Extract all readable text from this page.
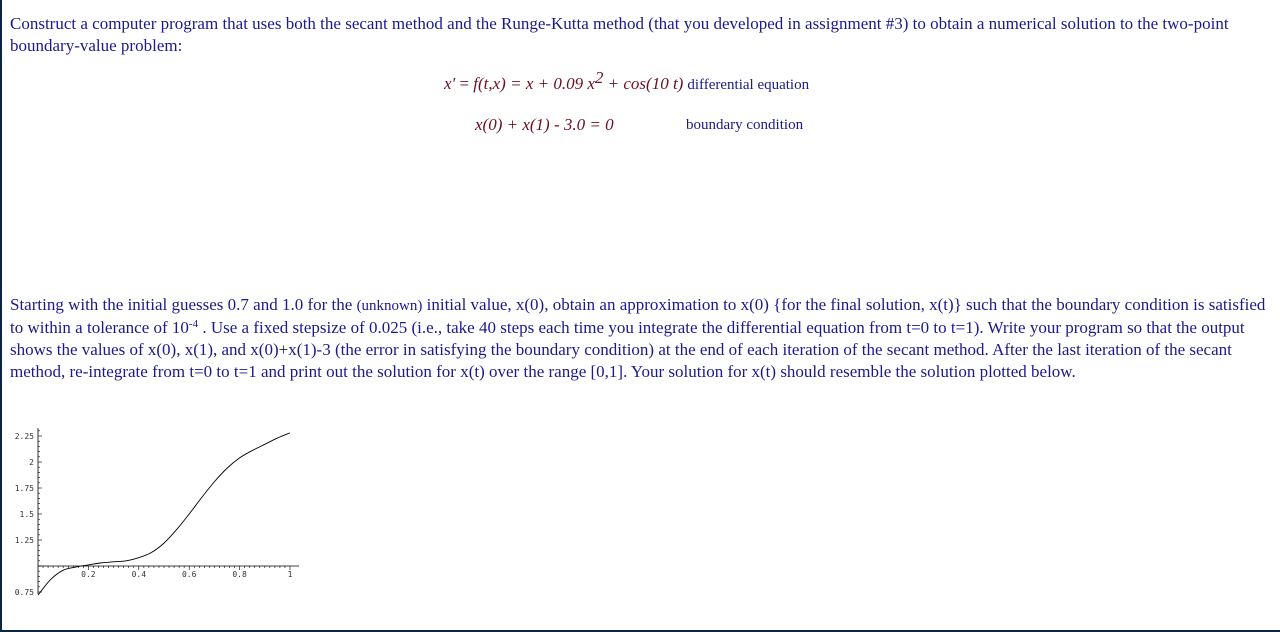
Construct a computer program that uses both the secant method and the Runge-Kutta method (that you developed in assignment #3) to obtain a numerical solution to the two-point boundary-value problem:

x' = f(t,x) = x + 0.09 $x^2 + \cos(10$ t) differential equation
x(0) + x(1) - 3.0 = 0	boundary condition

Starting with the initial guesses 0.7 and 1.0 for the (unknown) initial value, x(0), obtain an approximation to x(0) {for the final solution, x(t)} such that the boundary condition is satisfied to within a tolerance of $10^{-4}$ . Use a fixed stepsize of 0.025 (i.e., take 40 steps each time you integrate the differential equation from t=0 to t=1). Write your program so that the output shows the values of x(0), x(1), and x(0)+x(1)-3 (the error in satisfying the boundary condition) at the end of each iteration of the secant method. After the last iteration of the secant method, re-integrate from t=0 to t=1 and print out the solution for x(t) over the range [0,1]. Your solution for x(t) should resemble the solution plotted below.

0.2	0.4	0.6	0.8	1
0.75
1.25
1.5
1.75
2
2.25
